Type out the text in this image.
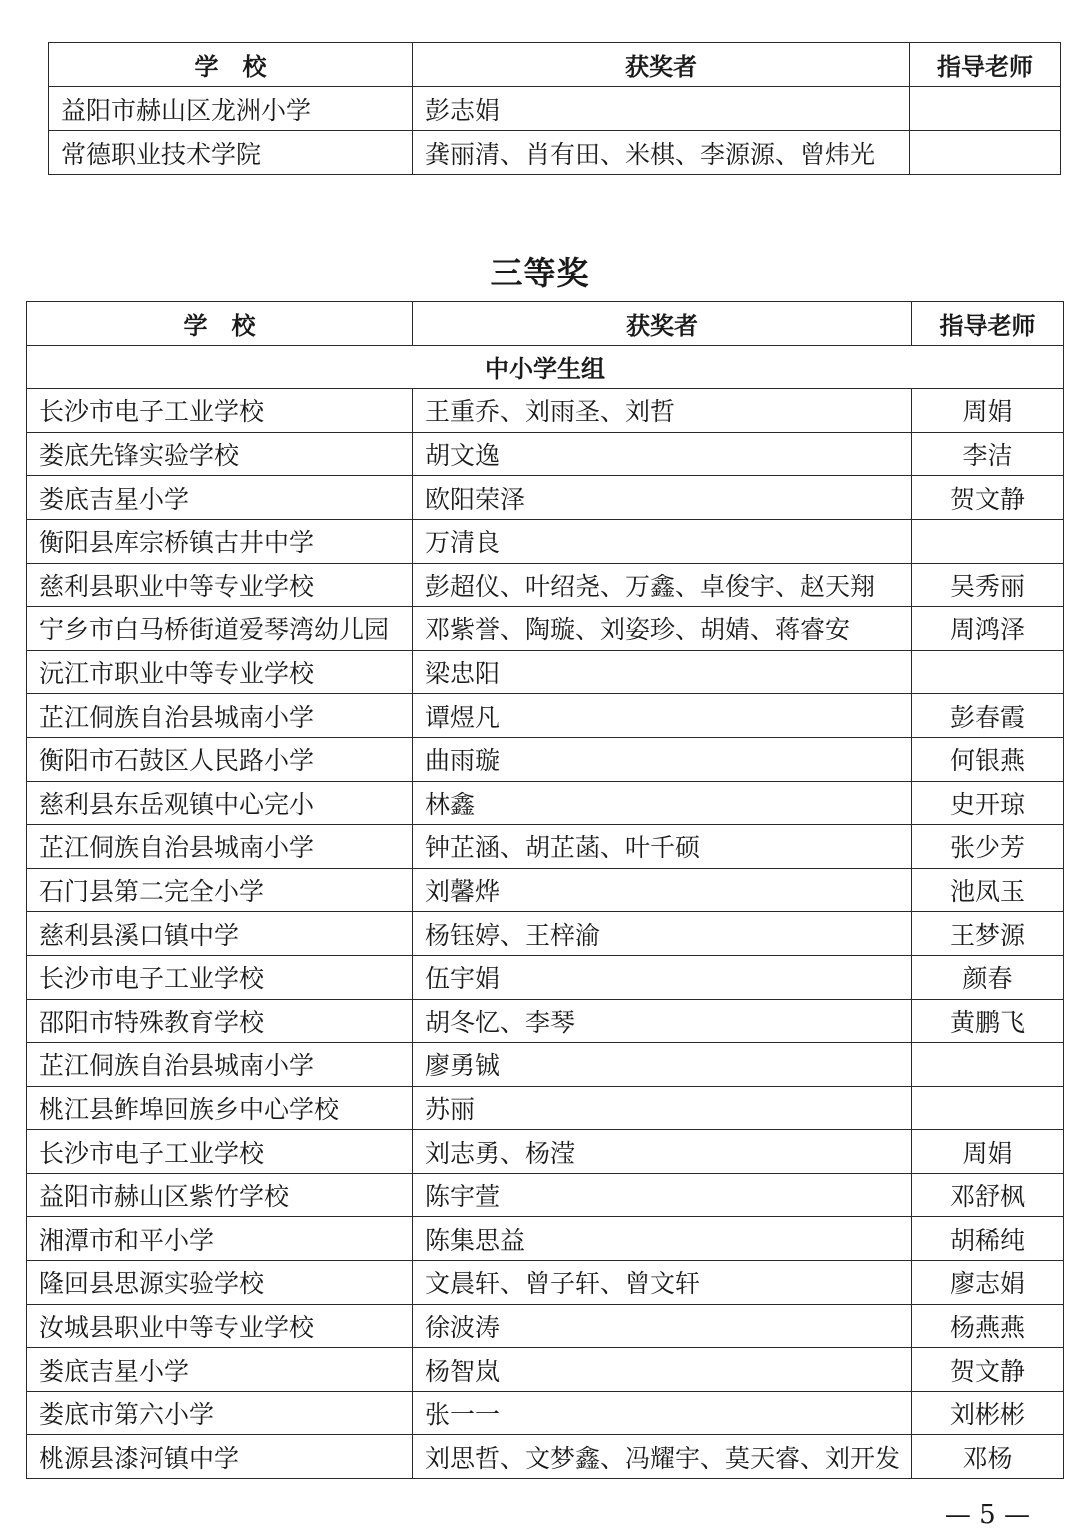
学　校	获奖者	指导老师
益阳市赫山区龙洲小学	彭志娟	
常德职业技术学院	龚丽清、肖有田、米棋、李源源、曾炜光	
三等奖
学　校	获奖者	指导老师
中小学生组		
长沙市电子工业学校	王重乔、刘雨圣、刘哲	周娟
娄底先锋实验学校	胡文逸	李洁
娄底吉星小学	欧阳荣泽	贺文静
衡阳县库宗桥镇古井中学	万清良	
慈利县职业中等专业学校	彭超仪、叶绍尧、万鑫、卓俊宇、赵天翔	吴秀丽
宁乡市白马桥街道爱琴湾幼儿园	邓紫誉、陶璇、刘姿珍、胡婧、蒋睿安	周鸿泽
沅江市职业中等专业学校	梁忠阳	
芷江侗族自治县城南小学	谭煜凡	彭春霞
衡阳市石鼓区人民路小学	曲雨璇	何银燕
慈利县东岳观镇中心完小	林鑫	史开琼
芷江侗族自治县城南小学	钟芷涵、胡芷菡、叶千硕	张少芳
石门县第二完全小学	刘馨烨	池凤玉
慈利县溪口镇中学	杨钰婷、王梓渝	王梦源
长沙市电子工业学校	伍宇娟	颜春
邵阳市特殊教育学校	胡冬忆、李琴	黄鹏飞
芷江侗族自治县城南小学	廖勇铖	
桃江县鲊埠回族乡中心学校	苏丽	
长沙市电子工业学校	刘志勇、杨滢	周娟
益阳市赫山区紫竹学校	陈宇萱	邓舒枫
湘潭市和平小学	陈集思益	胡稀纯
隆回县思源实验学校	文晨轩、曾子轩、曾文轩	廖志娟
汝城县职业中等专业学校	徐波涛	杨燕燕
娄底吉星小学	杨智岚	贺文静
娄底市第六小学	张一一	刘彬彬
桃源县漆河镇中学	刘思哲、文梦鑫、冯耀宇、莫天睿、刘开发	邓杨
— 5 —
